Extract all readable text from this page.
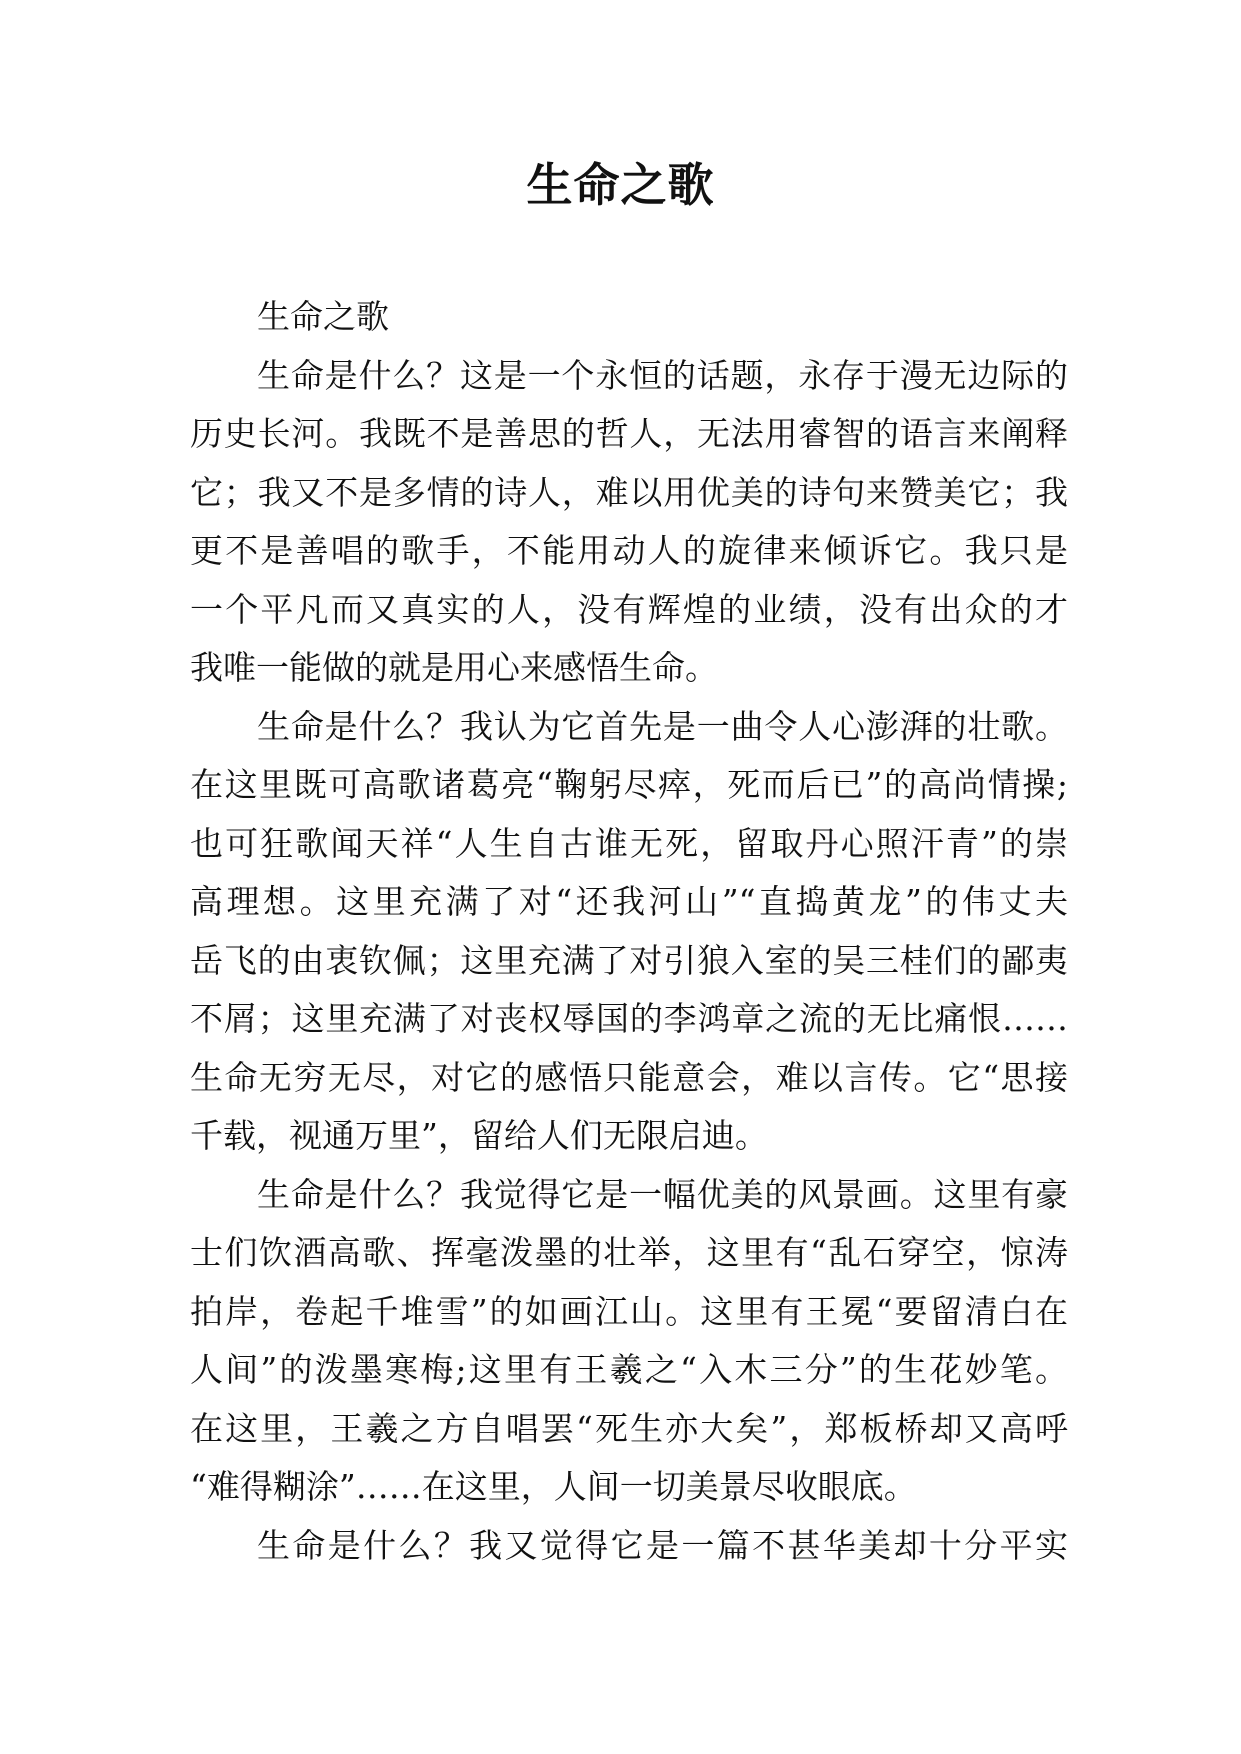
生命之歌
生命之歌
生命是什么？这是一个永恒的话题，永存于漫无边际的
历史长河。我既不是善思的哲人，无法用睿智的语言来阐释
它；我又不是多情的诗人，难以用优美的诗句来赞美它；我
更不是善唱的歌手，不能用动人的旋律来倾诉它。我只是
一个平凡而又真实的人，没有辉煌的业绩，没有出众的才
我唯一能做的就是用心来感悟生命。
生命是什么？我认为它首先是一曲令人心澎湃的壮歌。
在这里既可高歌诸葛亮“鞠躬尽瘁，死而后已”的高尚情操;
也可狂歌闻天祥“人生自古谁无死，留取丹心照汗青”的崇
高理想。这里充满了对“还我河山”“直捣黄龙”的伟丈夫
岳飞的由衷钦佩；这里充满了对引狼入室的吴三桂们的鄙夷
不屑；这里充满了对丧权辱国的李鸿章之流的无比痛恨……
生命无穷无尽，对它的感悟只能意会，难以言传。它“思接
千载，视通万里”，留给人们无限启迪。
生命是什么？我觉得它是一幅优美的风景画。这里有豪
士们饮酒高歌、挥毫泼墨的壮举，这里有“乱石穿空，惊涛
拍岸，卷起千堆雪”的如画江山。这里有王冕“要留清白在
人间”的泼墨寒梅;这里有王羲之“入木三分”的生花妙笔。
在这里，王羲之方自唱罢“死生亦大矣”，郑板桥却又高呼
“难得糊涂”……在这里，人间一切美景尽收眼底。
生命是什么？我又觉得它是一篇不甚华美却十分平实
